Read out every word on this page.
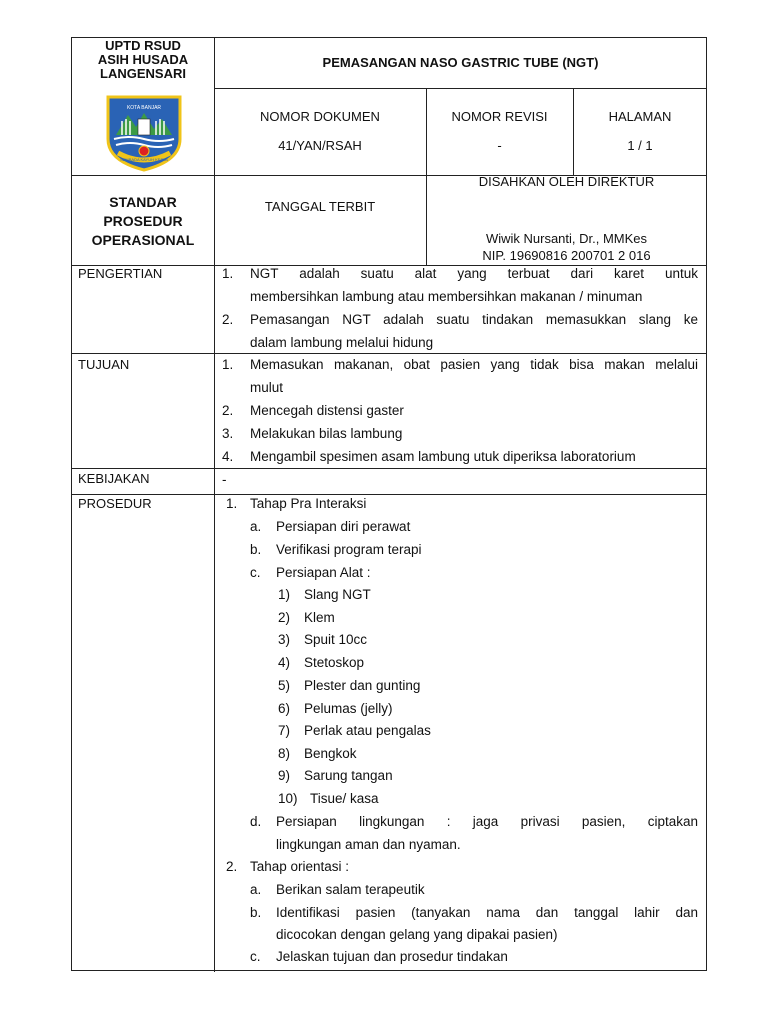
UPTD RSUD
ASIH HUSADA
LANGENSARI
KOTA BANJAR
SEMBADA KAYUH KESTA
PEMASANGAN NASO GASTRIC TUBE (NGT)
NOMOR DOKUMEN
41/YAN/RSAH
NOMOR REVISI
-
HALAMAN
1 / 1
STANDAR
PROSEDUR
OPERASIONAL
TANGGAL TERBIT
DISAHKAN OLEH DIREKTUR
Wiwik Nursanti, Dr., MMKes
NIP. 19690816 200701 2 016
PENGERTIAN	1. NGT adalah suatu alat yang terbuat dari karet untuk
membersihkan lambung atau membersihkan makanan / minuman
2. Pemasangan NGT adalah suatu tindakan memasukkan slang ke
dalam lambung melalui hidung
TUJUAN	1. Memasukan makanan, obat pasien yang tidak bisa makan melalui
mulut
2. Mencegah distensi gaster
3. Melakukan bilas lambung
4. Mengambil spesimen asam lambung utuk diperiksa laboratorium
KEBIJAKAN	-
PROSEDUR	1. Tahap Pra Interaksi
a. Persiapan diri perawat
b. Verifikasi program terapi
c. Persiapan Alat :
1) Slang NGT
2) Klem
3) Spuit 10cc
4) Stetoskop
5) Plester dan gunting
6) Pelumas (jelly)
7) Perlak atau pengalas
8) Bengkok
9) Sarung tangan
10) Tisue/ kasa
d. Persiapan lingkungan : jaga privasi pasien, ciptakan
lingkungan aman dan nyaman.
2. Tahap orientasi :
a. Berikan salam terapeutik
b. Identifikasi pasien (tanyakan nama dan tanggal lahir dan
dicocokan dengan gelang yang dipakai pasien)
c. Jelaskan tujuan dan prosedur tindakan
